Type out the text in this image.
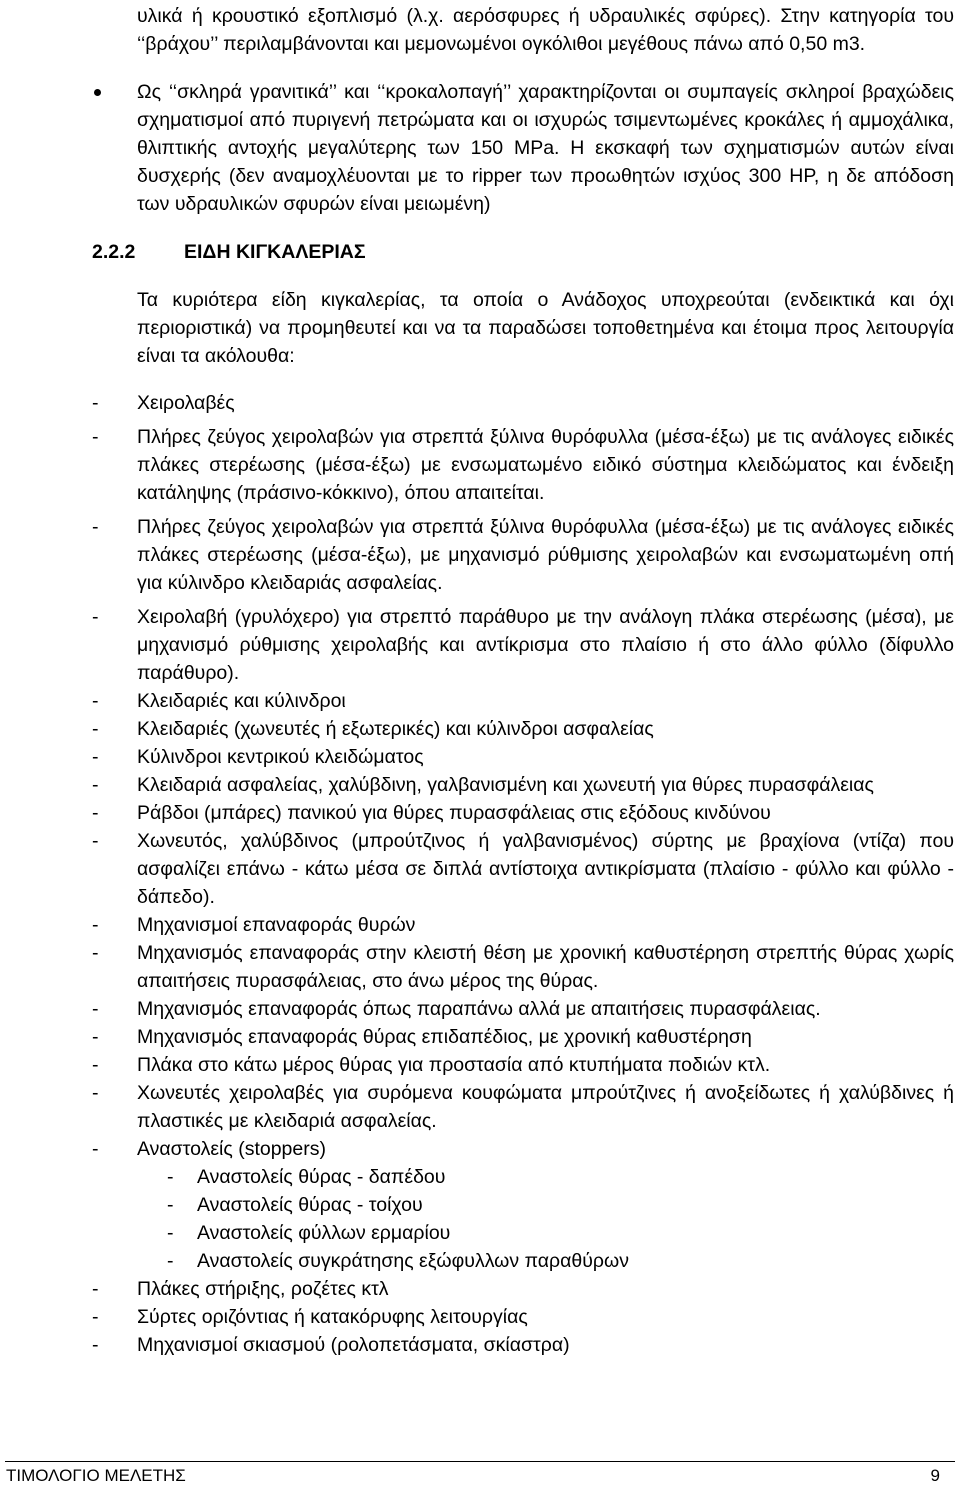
υλικά ή κρουστικό εξοπλισμό (λ.χ. αερόσφυρες ή υδραυλικές σφύρες). Στην κατηγορία του ‘‘βράχου’’ περιλαμβάνονται και μεμονωμένοι ογκόλιθοι μεγέθους πάνω από 0,50 m3.

Ως ‘‘σκληρά γρανιτικά’’ και ‘‘κροκαλοπαγή’’ χαρακτηρίζονται οι συμπαγείς σκληροί βραχώδεις σχηματισμοί από πυριγενή πετρώματα και οι ισχυρώς τσιμεντωμένες κροκάλες ή αμμοχάλικα, θλιπτικής αντοχής μεγαλύτερης των 150 MPa. Η εκσκαφή των σχηματισμών αυτών είναι δυσχερής (δεν αναμοχλέυονται με το ripper των προωθητών ισχύος 300 HP, η δε απόδοση των υδραυλικών σφυρών είναι μειωμένη)

2.2.2 ΕΙΔΗ ΚΙΓΚΑΛΕΡΙΑΣ

Τα κυριότερα είδη κιγκαλερίας, τα οποία ο Ανάδοχος υποχρεούται (ενδεικτικά και όχι περιοριστικά) να προμηθευτεί και να τα παραδώσει τοποθετημένα και έτοιμα προς λειτουργία είναι τα ακόλουθα:

- Χειρολαβές
- Πλήρες ζεύγος χειρολαβών για στρεπτά ξύλινα θυρόφυλλα (μέσα-έξω) με τις ανάλογες ειδικές πλάκες στερέωσης (μέσα-έξω) με ενσωματωμένο ειδικό σύστημα κλειδώματος και ένδειξη κατάληψης (πράσινο-κόκκινο), όπου απαιτείται.
- Πλήρες ζεύγος χειρολαβών για στρεπτά ξύλινα θυρόφυλλα (μέσα-έξω) με τις ανάλογες ειδικές πλάκες στερέωσης (μέσα-έξω), με μηχανισμό ρύθμισης χειρολαβών και ενσωματωμένη οπή για κύλινδρο κλειδαριάς ασφαλείας.
- Χειρολαβή (γρυλόχερο) για στρεπτό παράθυρο με την ανάλογη πλάκα στερέωσης (μέσα), με μηχανισμό ρύθμισης χειρολαβής και αντίκρισμα στο πλαίσιο ή στο άλλο φύλλο (δίφυλλο παράθυρο).
- Κλειδαριές και κύλινδροι
- Κλειδαριές (χωνευτές ή εξωτερικές) και κύλινδροι ασφαλείας
- Κύλινδροι κεντρικού κλειδώματος
- Κλειδαριά ασφαλείας, χαλύβδινη, γαλβανισμένη και χωνευτή για θύρες πυρασφάλειας
- Ράβδοι (μπάρες) πανικού για θύρες πυρασφάλειας στις εξόδους κινδύνου
- Χωνευτός, χαλύβδινος (μπρούτζινος ή γαλβανισμένος) σύρτης με βραχίονα (ντίζα) που ασφαλίζει επάνω - κάτω μέσα σε διπλά αντίστοιχα αντικρίσματα (πλαίσιο - φύλλο και φύλλο - δάπεδο).
- Μηχανισμοί επαναφοράς θυρών
- Μηχανισμός επαναφοράς στην κλειστή θέση με χρονική καθυστέρηση στρεπτής θύρας χωρίς απαιτήσεις πυρασφάλειας, στο άνω μέρος της θύρας.
- Μηχανισμός επαναφοράς όπως παραπάνω αλλά με απαιτήσεις πυρασφάλειας.
- Μηχανισμός επαναφοράς θύρας επιδαπέδιος, με χρονική καθυστέρηση
- Πλάκα στο κάτω μέρος θύρας για προστασία από κτυπήματα ποδιών κτλ.
- Χωνευτές χειρολαβές για συρόμενα κουφώματα μπρούτζινες ή ανοξείδωτες ή χαλύβδινες ή πλαστικές με κλειδαριά ασφαλείας.
- Αναστολείς (stoppers)
- Αναστολείς θύρας - δαπέδου
- Αναστολείς θύρας - τοίχου
- Αναστολείς φύλλων ερμαρίου
- Αναστολείς συγκράτησης εξώφυλλων παραθύρων
- Πλάκες στήριξης, ροζέτες κτλ
- Σύρτες οριζόντιας ή κατακόρυφης λειτουργίας
- Μηχανισμοί σκιασμού (ρολοπετάσματα, σκίαστρα)
ΤΙΜΟΛΟΓΙΟ ΜΕΛΕΤΗΣ	9
